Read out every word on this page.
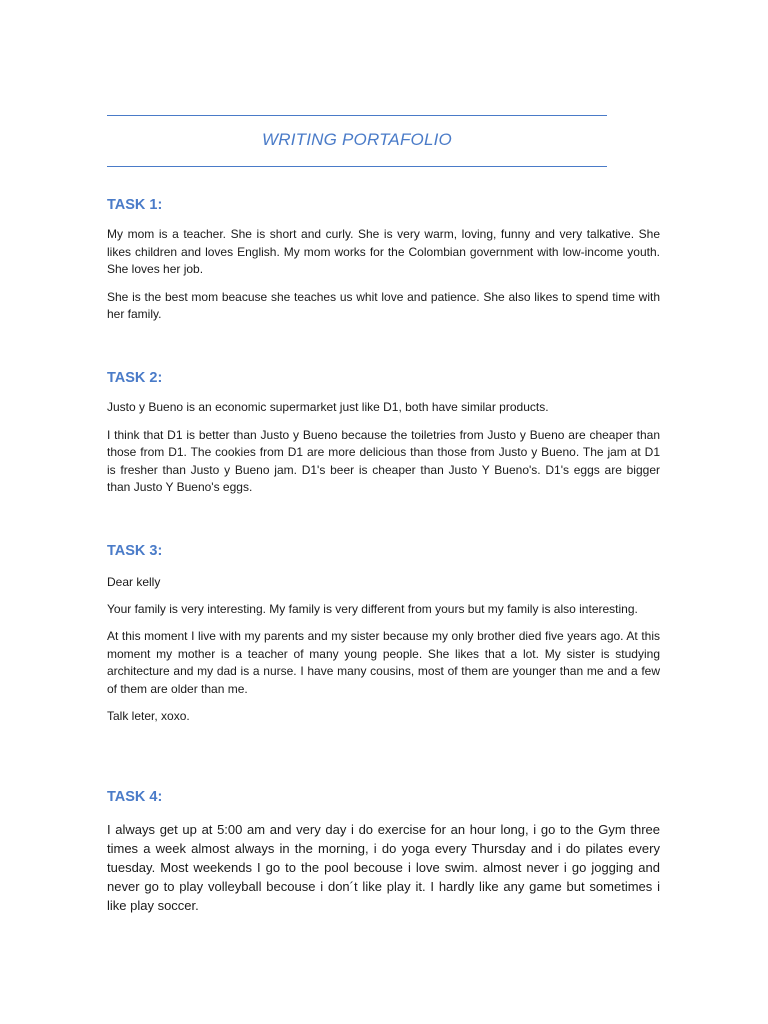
WRITING PORTAFOLIO
TASK 1:

My mom is a teacher. She is short and curly. She is very warm, loving, funny and very talkative. She likes children and loves English. My mom works for the Colombian government with low-income youth. She loves her job.

She is the best mom beacuse she teaches us whit love and patience. She also likes to spend time with her family.

TASK 2:

Justo y Bueno is an economic supermarket just like D1, both have similar products.

I think that D1 is better than Justo y Bueno because the toiletries from Justo y Bueno are cheaper than those from D1. The cookies from D1 are more delicious than those from Justo y Bueno. The jam at D1 is fresher than Justo y Bueno jam. D1's beer is cheaper than Justo Y Bueno's. D1's eggs are bigger than Justo Y Bueno's eggs.

TASK 3:

Dear kelly

Your family is very interesting. My family is very different from yours but my family is also interesting.

At this moment I live with my parents and my sister because my only brother died five years ago. At this moment my mother is a teacher of many young people. She likes that a lot. My sister is studying architecture and my dad is a nurse. I have many cousins, most of them are younger than me and a few of them are older than me.

Talk leter, xoxo.

TASK 4:

I always get up at 5:00 am and very day i do exercise for an hour long, i go to the Gym three times a week almost always in the morning, i do yoga every Thursday and i do pilates every tuesday. Most weekends I go to the pool becouse i love swim. almost never i go jogging and never go to play volleyball becouse i don´t like play it. I hardly like any game but sometimes i like play soccer.
